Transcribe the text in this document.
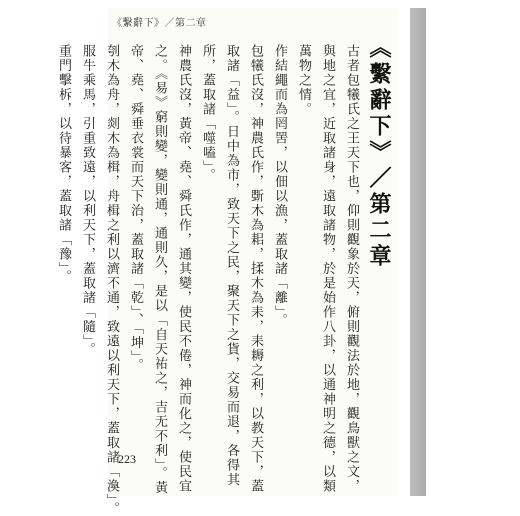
《繫辭下》／第二章
《繫辭下》／第二章
古者包犧氏之王天下也，仰則觀象於天，俯則觀法於地，觀鳥獸之文，
與地之宜，近取諸身，遠取諸物，於是始作八卦，以通神明之德，以類
萬物之情。
作結繩而為罔罟，以佃以漁，蓋取諸「離」。
包犧氏沒，神農氏作，斲木為耜，揉木為耒，耒耨之利，以教天下，蓋
取諸「益」。日中為市，致天下之民，聚天下之貨，交易而退，各得其
所，蓋取諸「噬嗑」。
神農氏沒，黃帝、堯、舜氏作，通其變，使民不倦，神而化之，使民宜
之。《易》窮則變，變則通，通則久，是以「自天祐之，吉无不利」。黃
帝、堯、舜垂衣裳而天下治，蓋取諸「乾」、「坤」。
刳木為舟，剡木為楫，舟楫之利以濟不通，致遠以利天下，蓋取諸「渙」。
服牛乘馬，引重致遠，以利天下，蓋取諸「隨」。
重門擊柝，以待暴客，蓋取諸「豫」。
223
